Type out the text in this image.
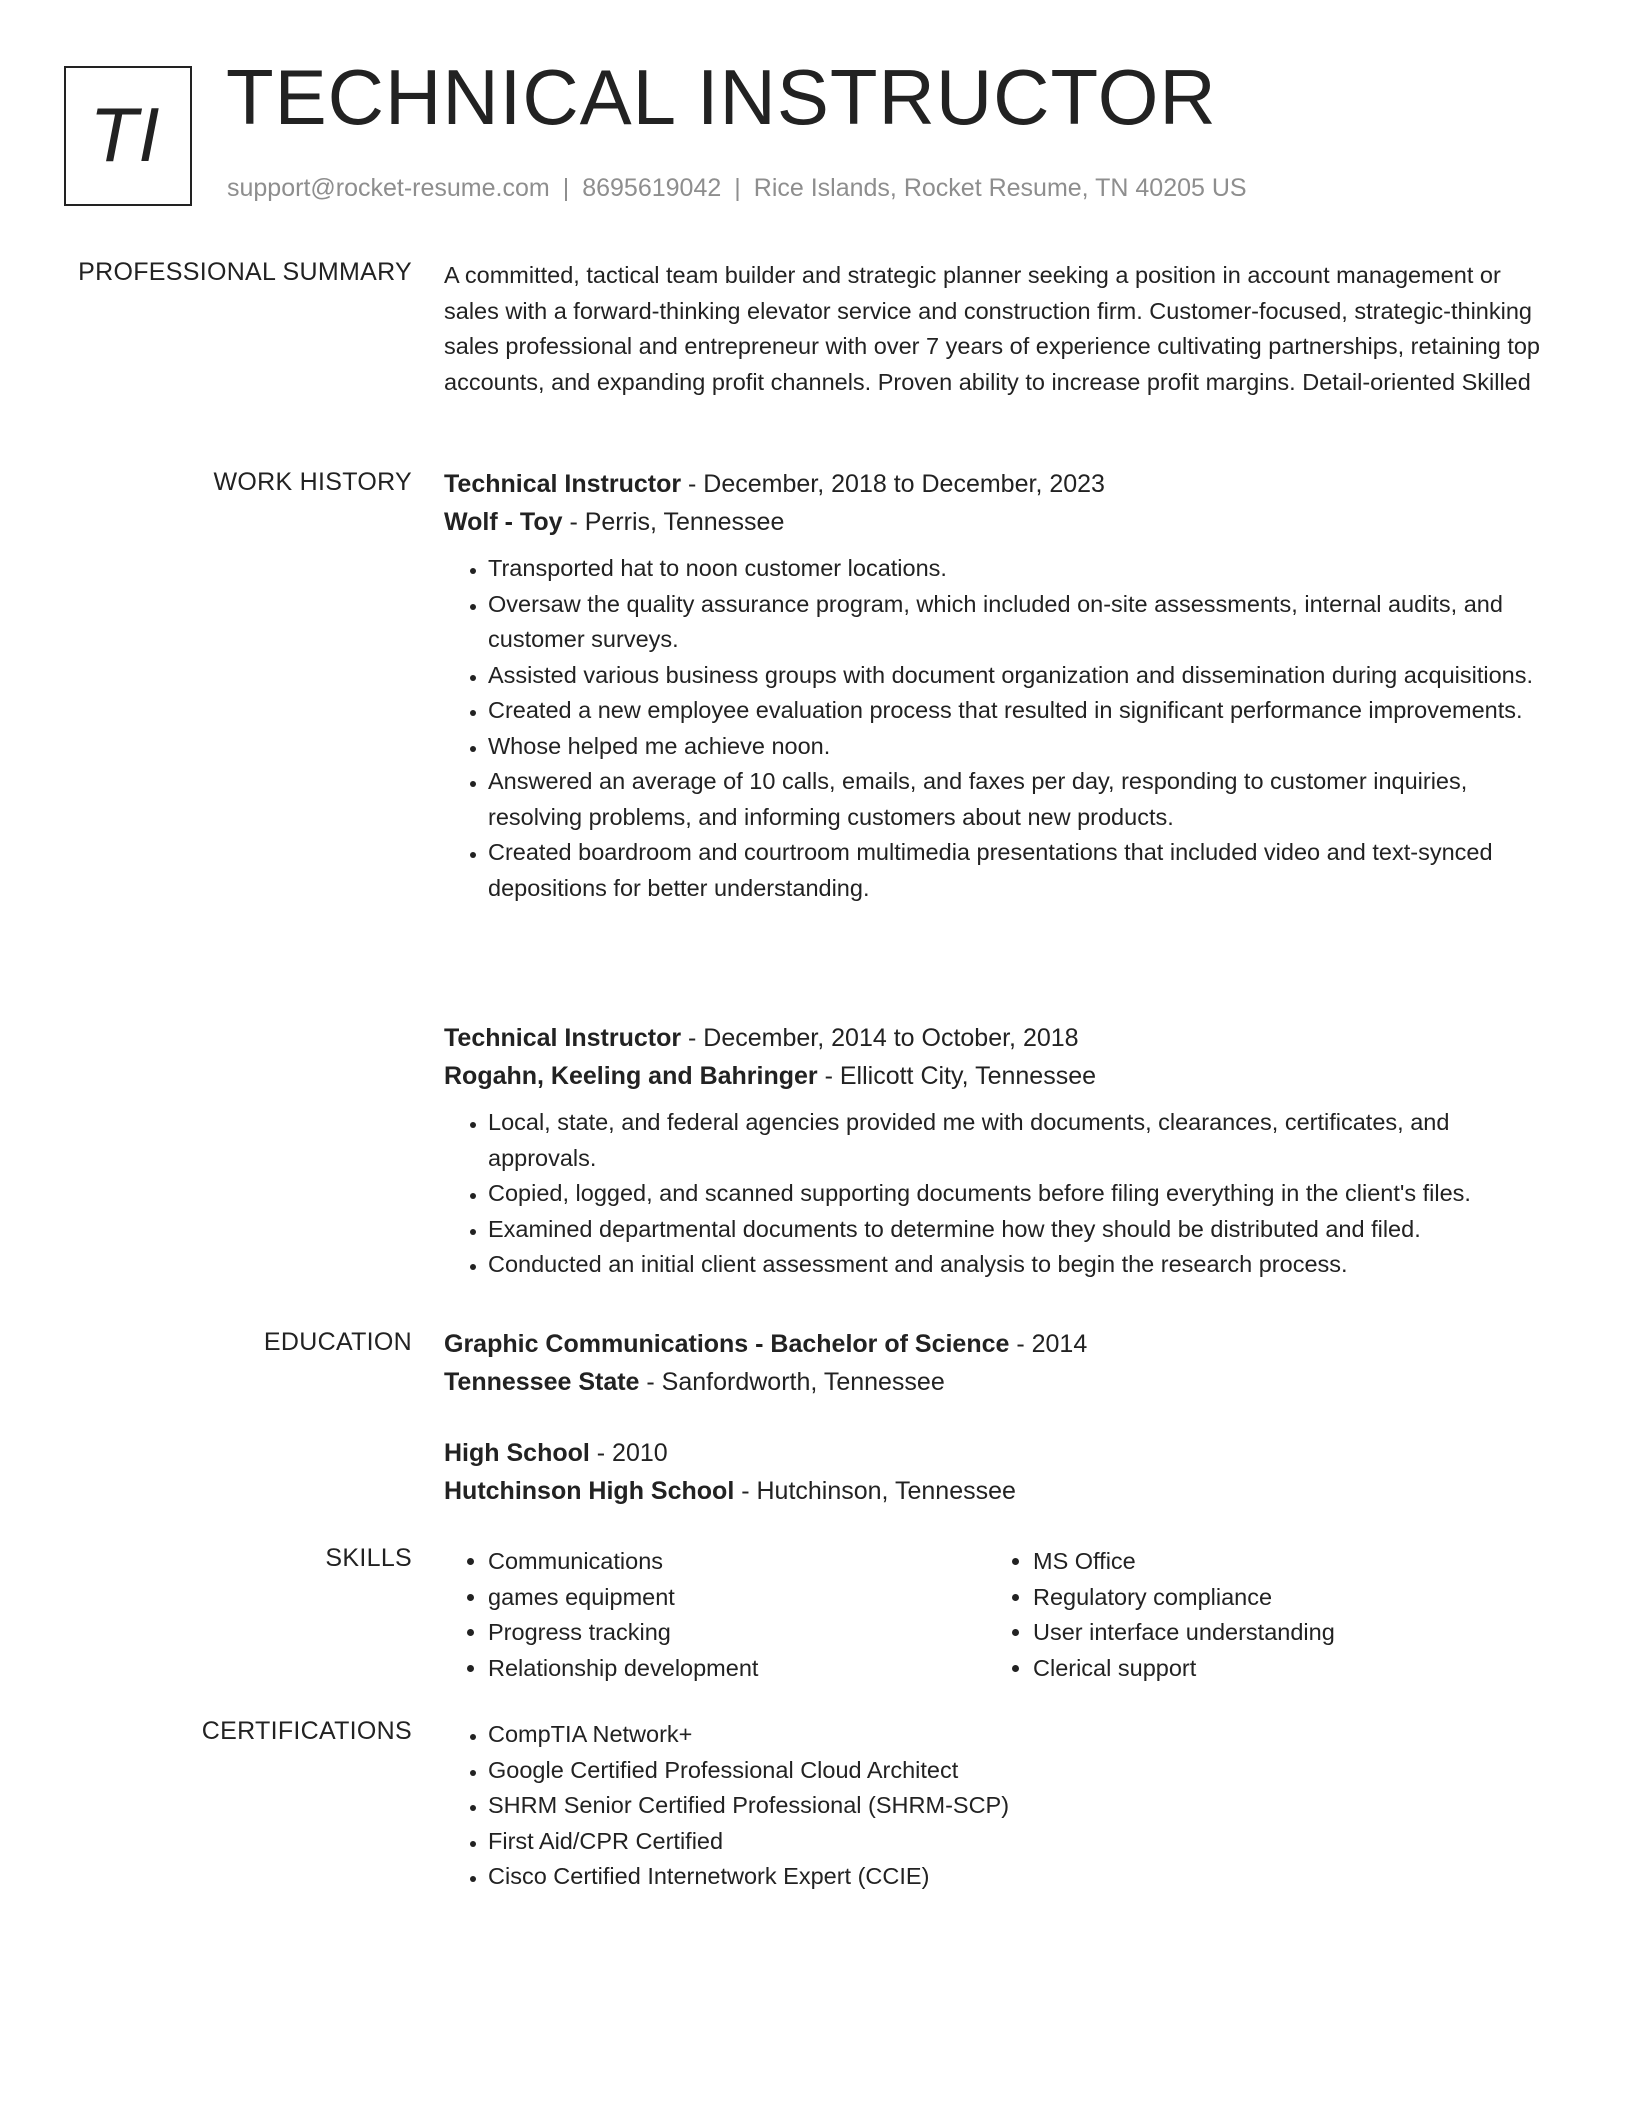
TI TECHNICAL INSTRUCTOR
support@rocket-resume.com | 8695619042 | Rice Islands, Rocket Resume, TN 40205 US
PROFESSIONAL SUMMARY A committed, tactical team builder and strategic planner seeking a position in account management or sales with a forward-thinking elevator service and construction firm. Customer-focused, strategic-thinking sales professional and entrepreneur with over 7 years of experience cultivating partnerships, retaining top accounts, and expanding profit channels. Proven ability to increase profit margins. Detail-oriented Skilled

WORK HISTORY Technical Instructor - December, 2018 to December, 2023
Wolf - Toy - Perris, Tennessee
• Transported hat to noon customer locations.
• Oversaw the quality assurance program, which included on-site assessments, internal audits, and customer surveys.
• Assisted various business groups with document organization and dissemination during acquisitions.
• Created a new employee evaluation process that resulted in significant performance improvements.
• Whose helped me achieve noon.
• Answered an average of 10 calls, emails, and faxes per day, responding to customer inquiries, resolving problems, and informing customers about new products.
• Created boardroom and courtroom multimedia presentations that included video and text-synced depositions for better understanding.
Technical Instructor - December, 2014 to October, 2018
Rogahn, Keeling and Bahringer - Ellicott City, Tennessee
• Local, state, and federal agencies provided me with documents, clearances, certificates, and approvals.
• Copied, logged, and scanned supporting documents before filing everything in the client's files.
• Examined departmental documents to determine how they should be distributed and filed.
• Conducted an initial client assessment and analysis to begin the research process.
EDUCATION Graphic Communications - Bachelor of Science - 2014
Tennessee State - Sanfordworth, Tennessee
High School - 2010
Hutchinson High School - Hutchinson, Tennessee
SKILLS	• Communications
• games equipment
• Progress tracking
• Relationship development
• MS Office
• Regulatory compliance
• User interface understanding
• Clerical support
CERTIFICATIONS	• CompTIA Network+
• Google Certified Professional Cloud Architect
• SHRM Senior Certified Professional (SHRM-SCP)
• First Aid/CPR Certified
• Cisco Certified Internetwork Expert (CCIE)
